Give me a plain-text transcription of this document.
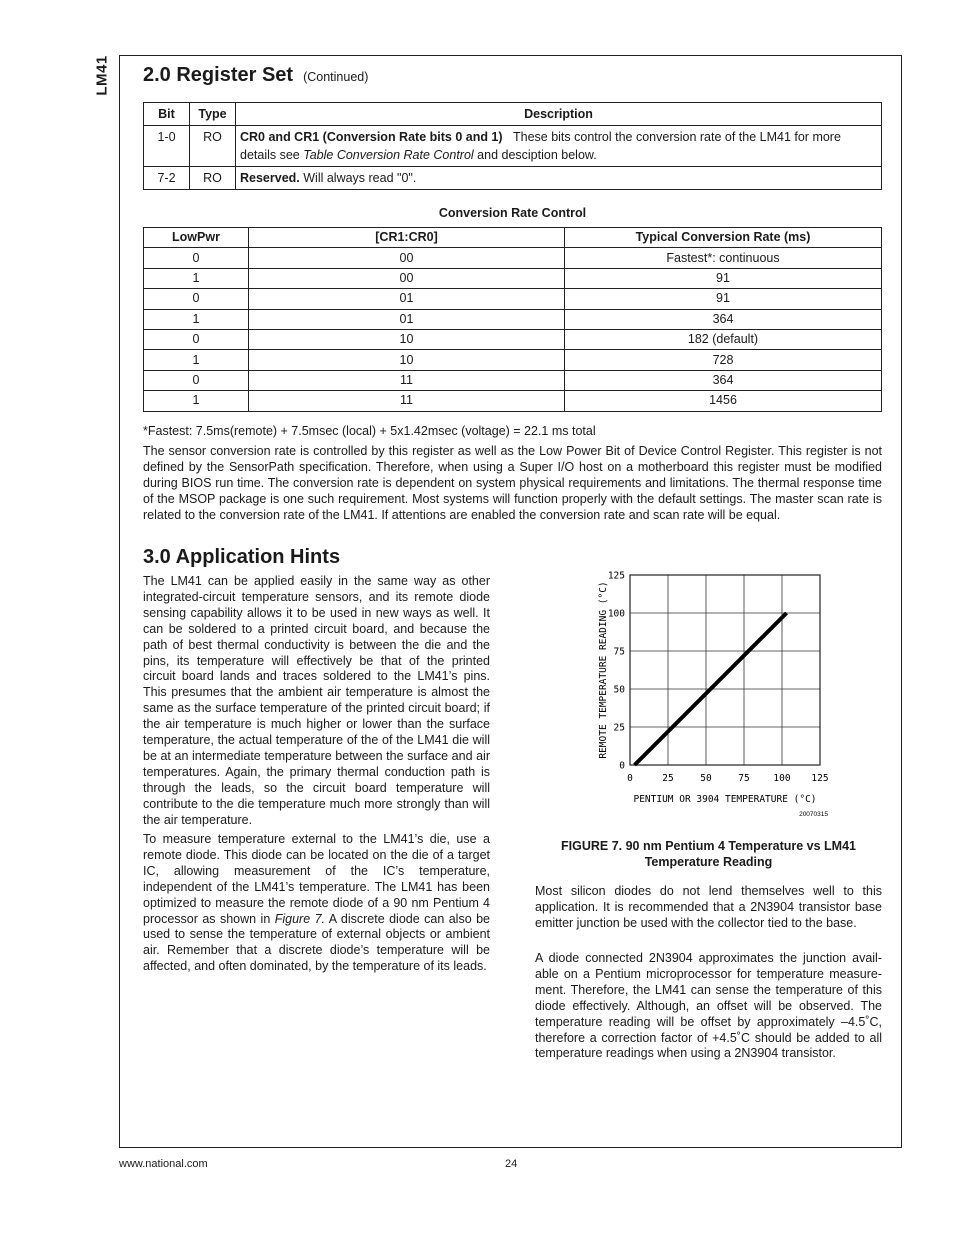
LM41 2.0 Register Set (Continued)
Bit	Type	Description
1-0	RO	CR0 and CR1 (Conversion Rate bits 0 and 1) These bits control the conversion rate of the LM41 for more details see Table Conversion Rate Control and desciption below.
7-2	RO	Reserved. Will always read "0".
Conversion Rate Control
LowPwr	[CR1:CR0]	Typical Conversion Rate (ms)
0	00	Fastest*: continuous
1	00	91
0	01	91
1	01	364
0	10	182 (default)
1	10	728
0	11	364
1	11	1456

*Fastest: 7.5ms(remote) + 7.5msec (local) + 5x1.42msec (voltage) = 22.1 ms total

The sensor conversion rate is controlled by this register as well as the Low Power Bit of Device Control Register. This register is not defined by the SensorPath specification. Therefore, when using a Super I/O host on a motherboard this register must be modified during BIOS run time. The conversion rate is dependent on system physical requirements and limitations. The thermal response time of the MSOP package is one such requirement. Most systems will function properly with the default settings. The master scan rate is related to the conversion rate of the LM41. If attentions are enabled the conversion rate and scan rate will be equal.

3.0 Application Hints

The LM41 can be applied easily in the same way as other integrated-circuit temperature sensors, and its remote diode sensing capability allows it to be used in new ways as well. It can be soldered to a printed circuit board, and because the path of best thermal conductivity is between the die and the pins, its temperature will effectively be that of the printed circuit board lands and traces soldered to the LM41’s pins. This presumes that the ambient air temperature is almost the same as the surface temperature of the printed circuit board; if the air temperature is much higher or lower than the surface temperature, the actual temperature of the of the LM41 die will be at an intermediate temperature between the surface and air temperatures. Again, the primary thermal conduction path is through the leads, so the circuit board temperature will contribute to the die temperature much more strongly than will the air temperature.

To measure temperature external to the LM41’s die, use a remote diode. This diode can be located on the die of a target IC, allowing measurement of the IC’s temperature, independent of the LM41’s temperature. The LM41 has been optimized to measure the remote diode of a 90 nm Pentium 4 processor as shown in Figure 7. A discrete diode can also be used to sense the temperature of external objects or ambient air. Remember that a discrete diode’s temperature will be affected, and often dominated, by the temperature of its leads.

0	25	50	75 100 125
0
25
50
75
100
125
REMOTE TEMPERATURE READING (°C)
PENTIUM OR 3904 TEMPERATURE (°C)
20070315
FIGURE 7. 90 nm Pentium 4 Temperature vs LM41
Temperature Reading

Most silicon diodes do not lend themselves well to this application. It is recommended that a 2N3904 transistor base emitter junction be used with the collector tied to the base.

A diode connected 2N3904 approximates the junction avail-able on a Pentium microprocessor for temperature measure-ment. Therefore, the LM41 can sense the temperature of this diode effectively. Although, an offset will be observed. The temperature reading will be offset by approximately –4.5˚C, therefore a correction factor of +4.5˚C should be added to all temperature readings when using a 2N3904 transistor.

www.national.com	24
